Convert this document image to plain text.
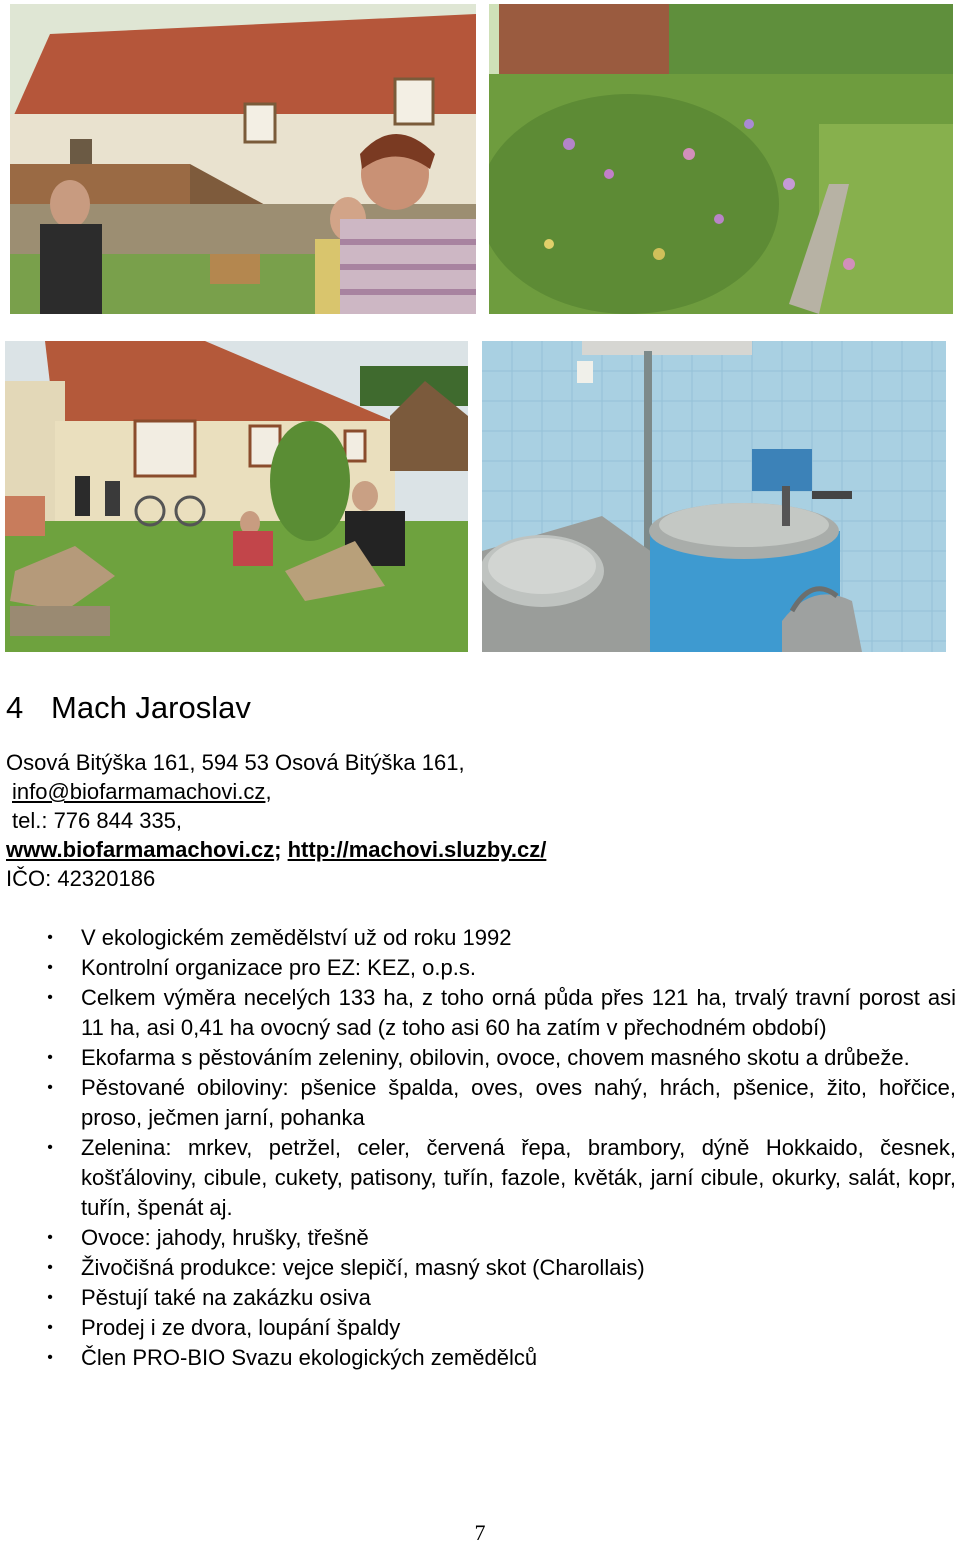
4 Mach Jaroslav
Osová Bitýška 161, 594 53 Osová Bitýška 161,
info@biofarmamachovi.cz,
tel.: 776 844 335,
www.biofarmamachovi.cz; http://machovi.sluzby.cz/
IČO: 42320186
• V ekologickém zemědělství už od roku 1992
• Kontrolní organizace pro EZ: KEZ, o.p.s.
• Celkem výměra necelých 133 ha, z toho orná půda přes 121 ha, trvalý travní porost asi 11 ha, asi 0,41 ha ovocný sad (z toho asi 60 ha zatím v přechodném období)
• Ekofarma s pěstováním zeleniny, obilovin, ovoce, chovem masného skotu a drůbeže.
• Pěstované obiloviny: pšenice špalda, oves, oves nahý, hrách, pšenice, žito, hořčice, proso, ječmen jarní, pohanka
• Zelenina: mrkev, petržel, celer, červená řepa, brambory, dýně Hokkaido, česnek, košťáloviny, cibule, cukety, patisony, tuřín, fazole, květák, jarní cibule, okurky, salát, kopr, tuřín, špenát aj.
• Ovoce: jahody, hrušky, třešně
• Živočišná produkce: vejce slepičí, masný skot (Charollais)
• Pěstují také na zakázku osiva
• Prodej i ze dvora, loupání špaldy
• Člen PRO-BIO Svazu ekologických zemědělců
7
